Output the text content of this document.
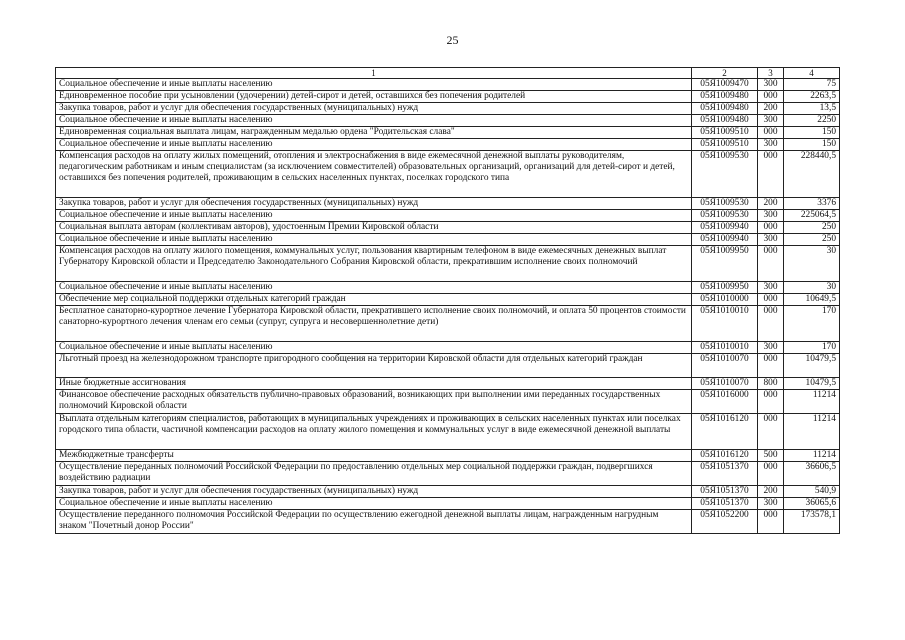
25
1	2	3	4
Социальное обеспечение и иные выплаты населению	05Я1009470	300	75
Единовременное пособие при усыновлении (удочерении) детей-сирот и детей, оставшихся без попечения родителей	05Я1009480	000	2263,5
Закупка товаров, работ и услуг для обеспечения государственных (муниципальных) нужд	05Я1009480	200	13,5
Социальное обеспечение и иные выплаты населению	05Я1009480	300	2250
Единовременная социальная выплата лицам, награжденным медалью ордена "Родительская слава"	05Я1009510	000	150
Социальное обеспечение и иные выплаты населению	05Я1009510	300	150
Компенсация расходов на оплату жилых помещений, отопления и электроснабжения в виде ежемесячной денежной выплаты руководителям, педагогическим работникам и иным специалистам (за исключением совместителей) образовательных организаций, организаций для детей-сирот и детей, оставшихся без попечения родителей, проживающим в сельских населенных пунктах, поселках городского типа	05Я1009530	000	228440,5
Закупка товаров, работ и услуг для обеспечения государственных (муниципальных) нужд	05Я1009530	200	3376
Социальное обеспечение и иные выплаты населению	05Я1009530	300	225064,5
Социальная выплата авторам (коллективам авторов), удостоенным Премии Кировской области	05Я1009940	000	250
Социальное обеспечение и иные выплаты населению	05Я1009940	300	250
Компенсация расходов на оплату жилого помещения, коммунальных услуг, пользования квартирным телефоном в виде ежемесячных денежных выплат Губернатору Кировской области и Председателю Законодательного Собрания Кировской области, прекратившим исполнение своих полномочий	05Я1009950	000	30
Социальное обеспечение и иные выплаты населению	05Я1009950	300	30
Обеспечение мер социальной поддержки отдельных категорий граждан	05Я1010000	000	10649,5
Бесплатное санаторно-курортное лечение Губернатора Кировской области, прекратившего исполнение своих полномочий, и оплата 50 процентов стоимости санаторно-курортного лечения членам его семьи (супруг, супруга и несовершеннолетние дети)	05Я1010010	000	170
Социальное обеспечение и иные выплаты населению	05Я1010010	300	170
Льготный проезд на железнодорожном транспорте пригородного сообщения на территории Кировской области для отдельных категорий граждан	05Я1010070	000	10479,5
Иные бюджетные ассигнования	05Я1010070	800	10479,5
Финансовое обеспечение расходных обязательств публично-правовых образований, возникающих при выполнении ими переданных государственных полномочий Кировской области	05Я1016000	000	11214
Выплата отдельным категориям специалистов, работающих в муниципальных учреждениях и проживающих в сельских населенных пунктах или поселках городского типа области, частичной компенсации расходов на оплату жилого помещения и коммунальных услуг в виде ежемесячной денежной выплаты	05Я1016120	000	11214
Межбюджетные трансферты	05Я1016120	500	11214
Осуществление переданных полномочий Российской Федерации по предоставлению отдельных мер социальной поддержки граждан, подвергшихся воздействию радиации	05Я1051370	000	36606,5
Закупка товаров, работ и услуг для обеспечения государственных (муниципальных) нужд	05Я1051370	200	540,9
Социальное обеспечение и иные выплаты населению	05Я1051370	300	36065,6
Осуществление переданного полномочия Российской Федерации по осуществлению ежегодной денежной выплаты лицам, награжденным нагрудным знаком "Почетный донор России"	05Я1052200	000	173578,1
